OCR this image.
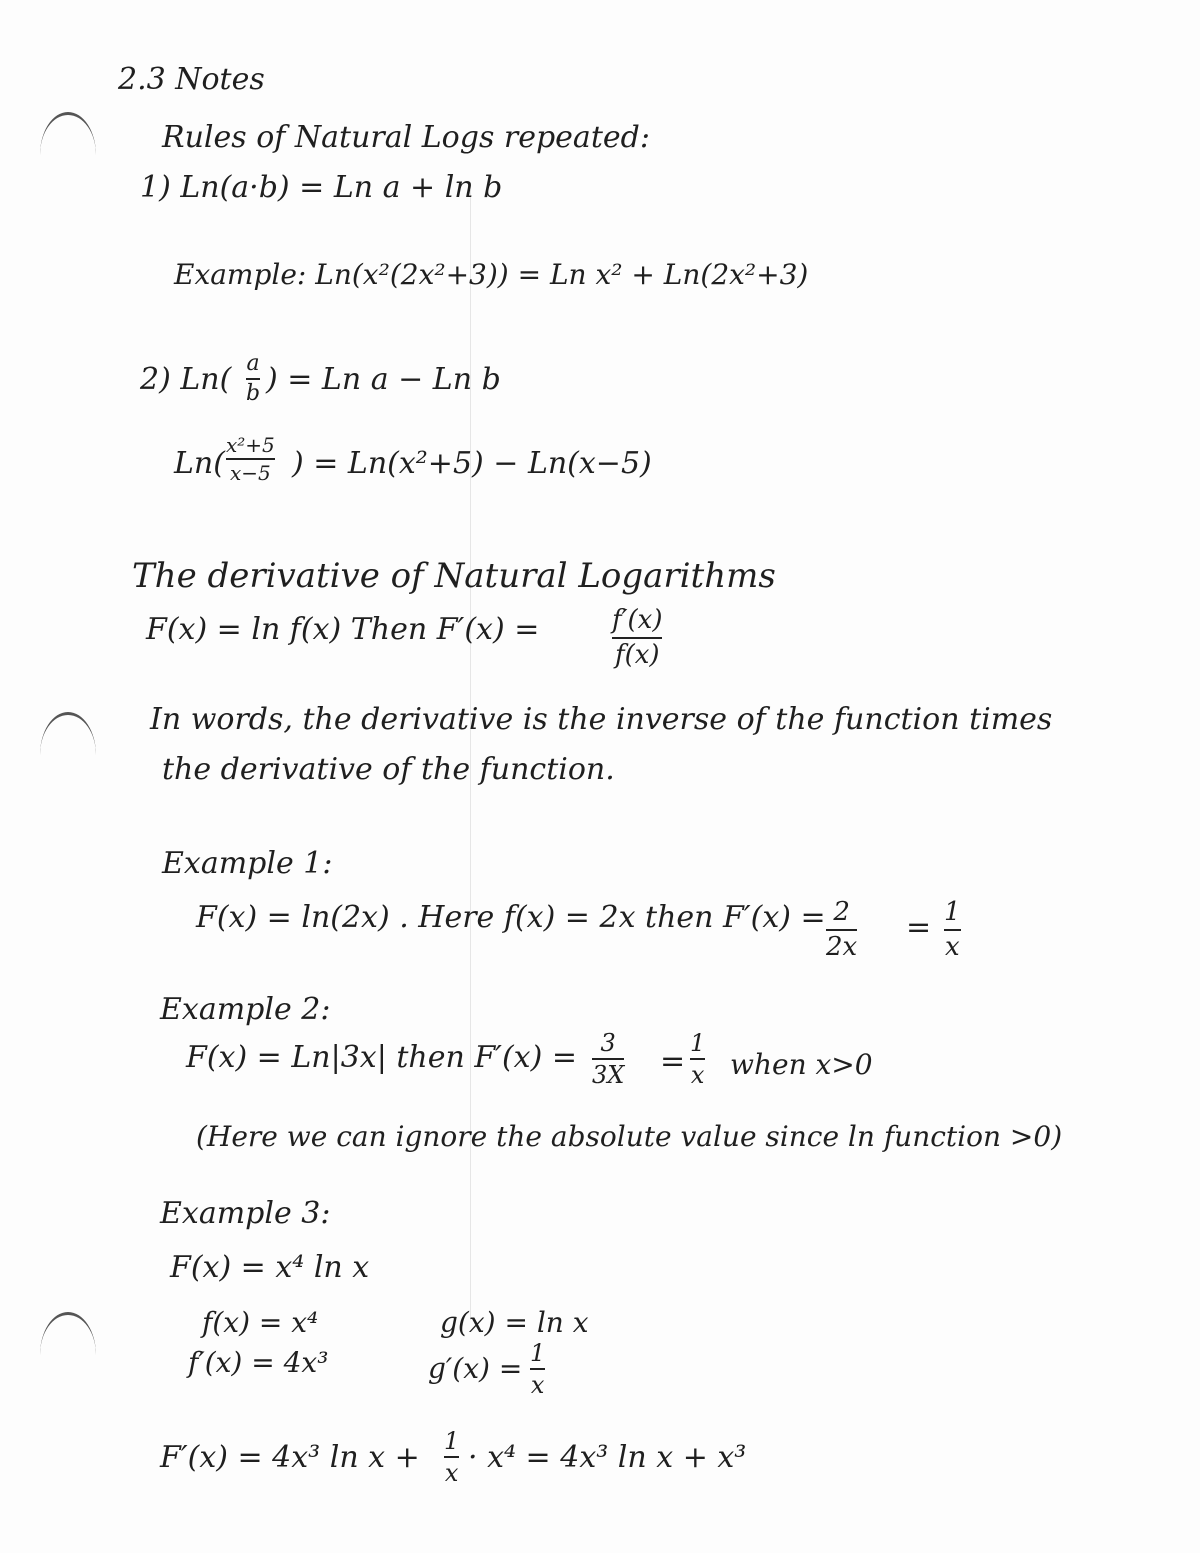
2.3 Notes
Rules of Natural Logs repeated:
1) Ln(a·b) = Ln a + ln b
Example: Ln(x²(2x²+3)) = Ln x² + Ln(2x²+3)
2) Ln( a
b ) = Ln a − Ln b
Ln(
x²+5
x−5 ) = Ln(x²+5) − Ln(x−5)
The derivative of Natural Logarithms
F(x) = ln f(x) Then F′(x) =	f′(x)
f(x)
In words, the derivative is the inverse of the function times
the derivative of the function.
Example 1:
F(x) = ln(2x) . Here f(x) = 2x then F′(x) = 2
2x
= 1
x
Example 2:
F(x) = Ln|3x| then F′(x) = 3
3X =
1
x when x>0
(Here we can ignore the absolute value since ln function >0)
Example 3:
F(x) = x⁴ ln x
f(x) = x⁴
f′(x) = 4x³
g(x) = ln x
g′(x) = 1
x
F′(x) = 4x³ ln x + 1
x · x⁴ = 4x³ ln x + x³
